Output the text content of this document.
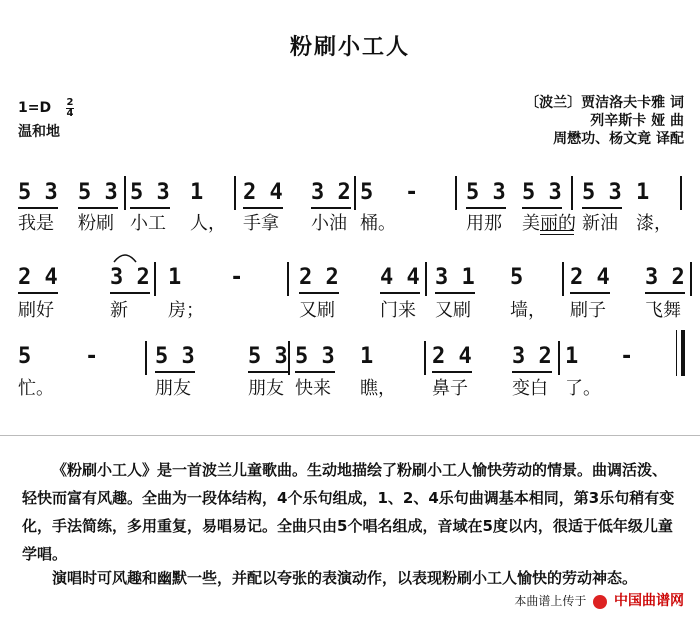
粉刷小工人
1=D 2
4
温和地
〔波兰〕贾洁洛夫卡雅 词
列辛斯卡 娅 曲
周懋功、杨文竟 译配
5 3 5 3 5 3 1 2 4 3 2 5 - 5 3 5 3 5 3 1
我是 粉刷 小工 人， 手拿 小油 桶。	用那 美丽的 新油 漆，
2 4 3 2 1 -	2 2 4 4 3 1 5 2 4 3 2
刷好	新 房；	又刷	门来 又刷 墙， 刷子 飞舞
5 -	5 3 5 3 5 3 1	2 4 3 2 1 -
忙。	朋友	朋友 快来 瞧， 鼻子 变白 了。
《粉刷小工人》是一首波兰儿童歌曲。生动地描绘了粉刷小工人愉快劳动的情景。曲调活泼、轻快而富有风趣。全曲为一段体结构，4个乐句组成，1、2、4乐句曲调基本相同，第3乐句稍有变化，手法简练，多用重复，易唱易记。全曲只由5个唱名组成，音域在5度以内，很适于低年级儿童学唱。
演唱时可风趣和幽默一些，并配以夸张的表演动作，以表现粉刷小工人愉快的劳动神态。
本曲谱上传于 中国曲谱网
